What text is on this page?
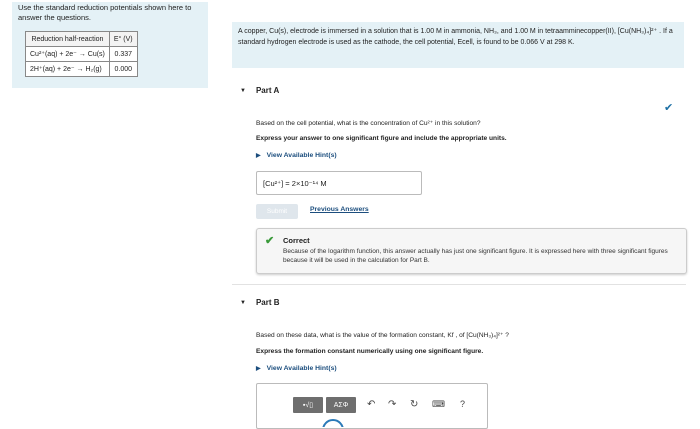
Use the standard reduction potentials shown here to answer the questions.
Reduction half-reaction	E° (V)
Cu²⁺(aq) + 2e⁻ → Cu(s)	0.337
2H⁺(aq) + 2e⁻ → H₂(g)	0.000
A copper, Cu(s), electrode is immersed in a solution that is 1.00 M in ammonia, NH₃, and 1.00 M in tetraamminecopper(II), [Cu(NH₃)₄]²⁺ . If a standard hydrogen electrode is used as the cathode, the cell potential, Ecell, is found to be 0.066 V at 298 K.
▼ Part A
✔
Based on the cell potential, what is the concentration of Cu²⁺ in this solution?
Express your answer to one significant figure and include the appropriate units.
▶ View Available Hint(s)
[Cu²⁺] =
2×10⁻¹⁴ M
Submit	Previous Answers
✔ Correct
Because of the logarithm function, this answer actually has just one significant figure. It is expressed here with three significant figures because it will be used in the calculation for Part B.
▼ Part B
Based on these data, what is the value of the formation constant, Kf , of [Cu(NH₃)₄]²⁺ ?
Express the formation constant numerically using one significant figure.
▶ View Available Hint(s)
▪√▯	ΑΣΦ	↶ ↷ ↻ ⌨ ?
